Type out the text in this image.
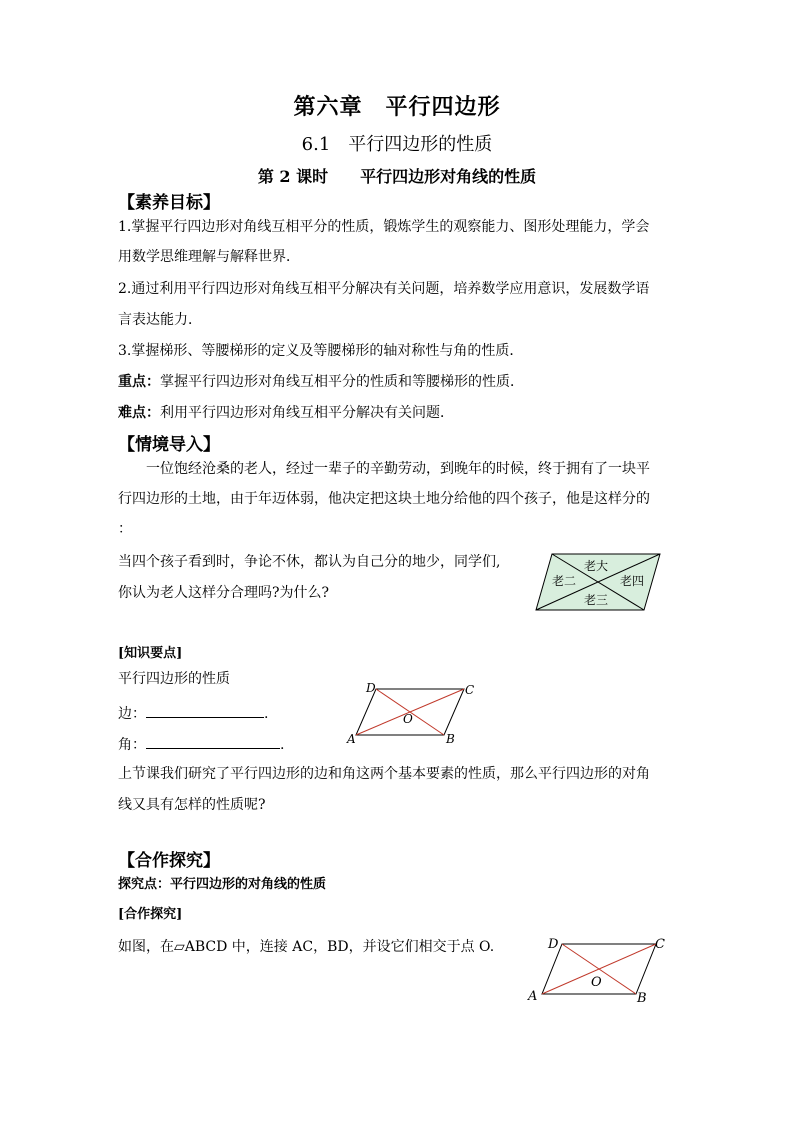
第六章　平行四边形
6.1　平行四边形的性质
第 2 课时　　平行四边形对角线的性质
【素养目标】
1.掌握平行四边形对角线互相平分的性质，锻炼学生的观察能力、图形处理能力，学会
用数学思维理解与解释世界．
2.通过利用平行四边形对角线互相平分解决有关问题，培养数学应用意识，发展数学语
言表达能力．
3.掌握梯形、等腰梯形的定义及等腰梯形的轴对称性与角的性质．
重点：掌握平行四边形对角线互相平分的性质和等腰梯形的性质．
难点：利用平行四边形对角线互相平分解决有关问题．
【情境导入】
一位饱经沧桑的老人，经过一辈子的辛勤劳动，到晚年的时候，终于拥有了一块平
行四边形的土地，由于年迈体弱，他决定把这块土地分给他的四个孩子，他是这样分的
：
当四个孩子看到时，争论不休，都认为自己分的地少，同学们,
你认为老人这样分合理吗?为什么?
老大
老二	老四
老三
[知识要点]
平行四边形的性质
边：	.
角：	.
D	C
A	B
O
上节课我们研究了平行四边形的边和角这两个基本要素的性质，那么平行四边形的对角
线又具有怎样的性质呢?
【合作探究】
探究点：平行四边形的对角线的性质
[合作探究]
如图，在▱ABCD 中，连接 AC，BD，并设它们相交于点 O.	D	C
A	B
O
